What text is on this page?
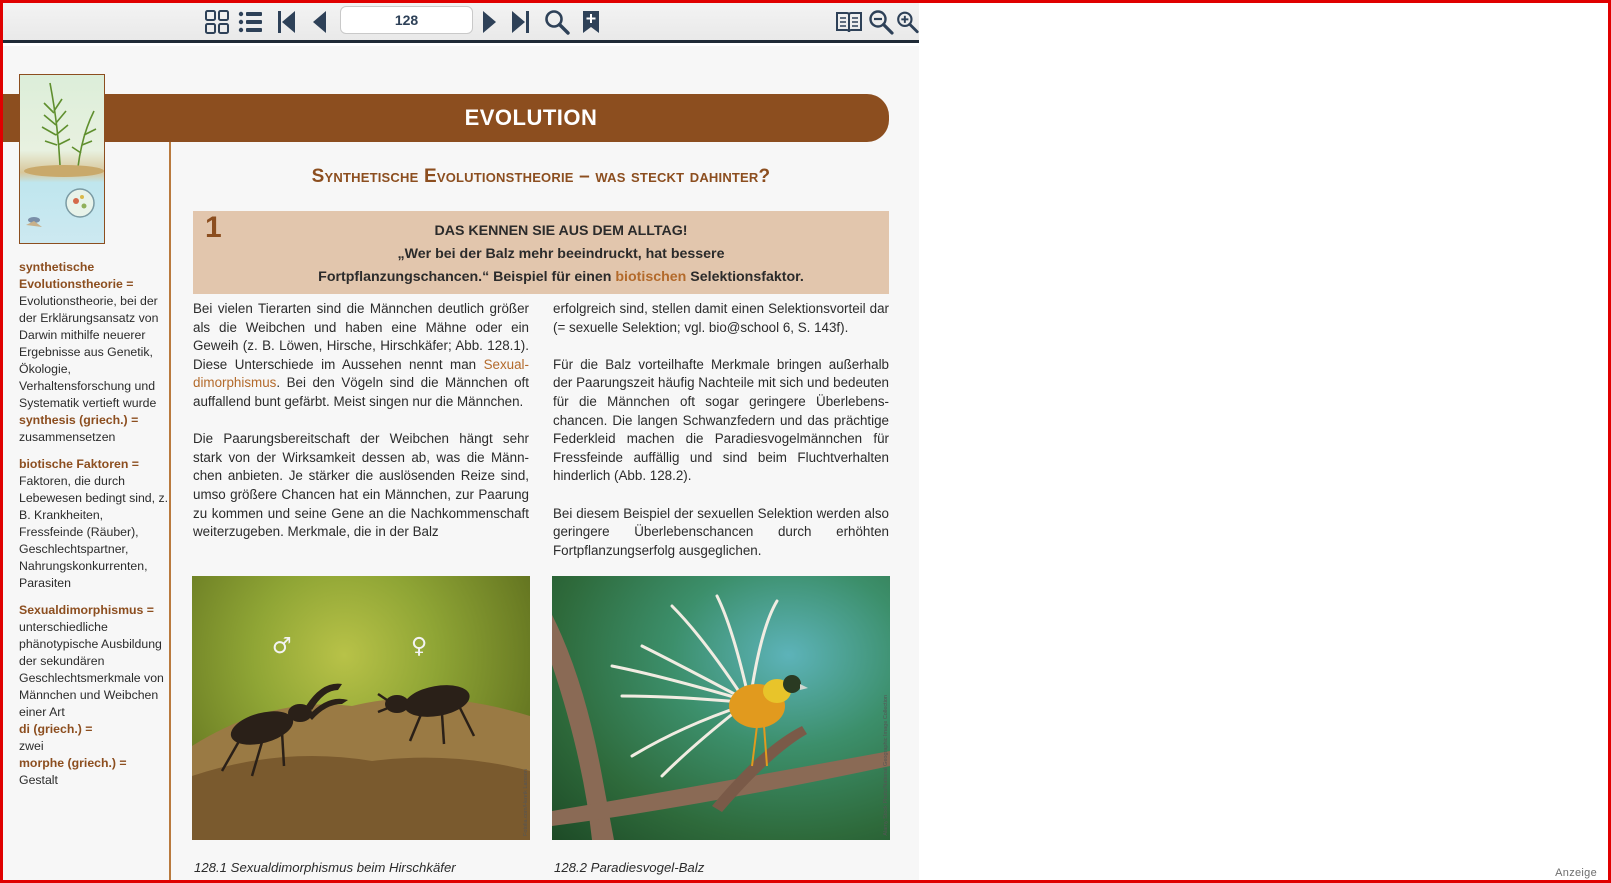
128
EVOLUTION
synthetische Evolutionstheorie =
Evolutionstheorie, bei der der Erklärungsansatz von Darwin mithilfe neuerer Ergebnisse aus Genetik, Ökologie, Verhaltensforschung und Systematik vertieft wurde
synthesis (griech.) =
zusammensetzen
biotische Faktoren =
Faktoren, die durch Lebewesen bedingt sind, z. B. Krankheiten, Fressfeinde (Räuber), Geschlechtspartner, Nahrungskonkurrenten, Parasiten
Sexualdimorphismus =
unterschiedliche phänotypische Ausbildung der sekundären Geschlechtsmerkmale von Männchen und Weibchen einer Art
di (griech.) =
zwei
morphe (griech.) =
Gestalt
Synthetische Evolutionstheorie – was steckt dahinter?
1	DAS KENNEN SIE AUS DEM ALLTAG!
„Wer bei der Balz mehr beeindruckt, hat bessere
Fortpflanzungschancen.“ Beispiel für einen biotischen Selektionsfaktor.

Bei vielen Tierarten sind die Männchen deutlich größer als die Weibchen und haben eine Mähne oder ein Geweih (z. B. Löwen, Hirsche, Hirschkäfer; Abb. 128.1). Diese Unterschiede im Aussehen nennt man Sexualdimorphismus. Bei den Vögeln sind die Männchen oft auffallend bunt gefärbt. Meist singen nur die Männchen.

Die Paarungsbereitschaft der Weibchen hängt sehr stark von der Wirksamkeit dessen ab, was die Männchen anbieten. Je stärker die auslösenden Reize sind, umso größere Chancen hat ein Männchen, zur Paarung zu kommen und seine Gene an die Nachkommenschaft weiterzugeben. Merkmale, die in der Balz

erfolgreich sind, stellen damit einen Selektionsvorteil dar (= sexuelle Selektion; vgl. bio@school 6, S. 143f).

Für die Balz vorteilhafte Merkmale bringen außerhalb der Paarungszeit häufig Nachteile mit sich und bedeuten für die Männchen oft sogar geringere Überlebenschancen. Die langen Schwanzfedern und das prächtige Federkleid machen die Paradiesvogelmännchen für Fressfeinde auffällig und sind beim Fluchtverhalten hinderlich (Abb. 128.2).

Bei diesem Beispiel der sexuellen Selektion werden also geringere Überlebenschancen durch erhöhten Fortpflanzungserfolg ausgeglichen.

♂	♀
Fotolia.com/Henrik Larsson
128.1 Sexualdimorphismus beim Hirschkäfer
Alamy Stock Photo/National Geographic Image Collection
128.2 Paradiesvogel-Balz	Anzeige
